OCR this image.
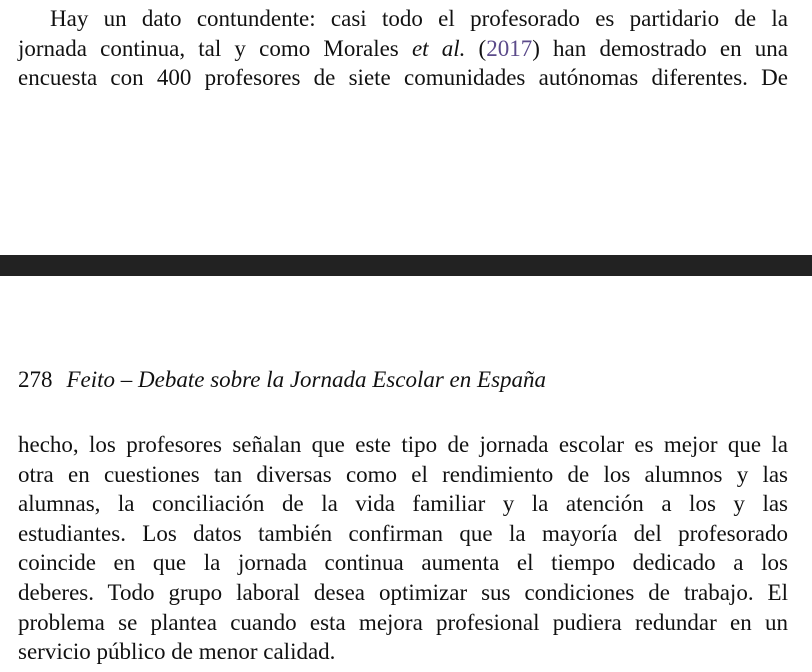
Hay un dato contundente: casi todo el profesorado es partidario de la
jornada continua, tal y como Morales et al. (2017) han demostrado en una
encuesta con 400 profesores de siete comunidades autónomas diferentes. De
278 Feito – Debate sobre la Jornada Escolar en España
hecho, los profesores señalan que este tipo de jornada escolar es mejor que la
otra en cuestiones tan diversas como el rendimiento de los alumnos y las
alumnas, la conciliación de la vida familiar y la atención a los y las
estudiantes. Los datos también confirman que la mayoría del profesorado
coincide en que la jornada continua aumenta el tiempo dedicado a los
deberes. Todo grupo laboral desea optimizar sus condiciones de trabajo. El
problema se plantea cuando esta mejora profesional pudiera redundar en un
servicio público de menor calidad.
